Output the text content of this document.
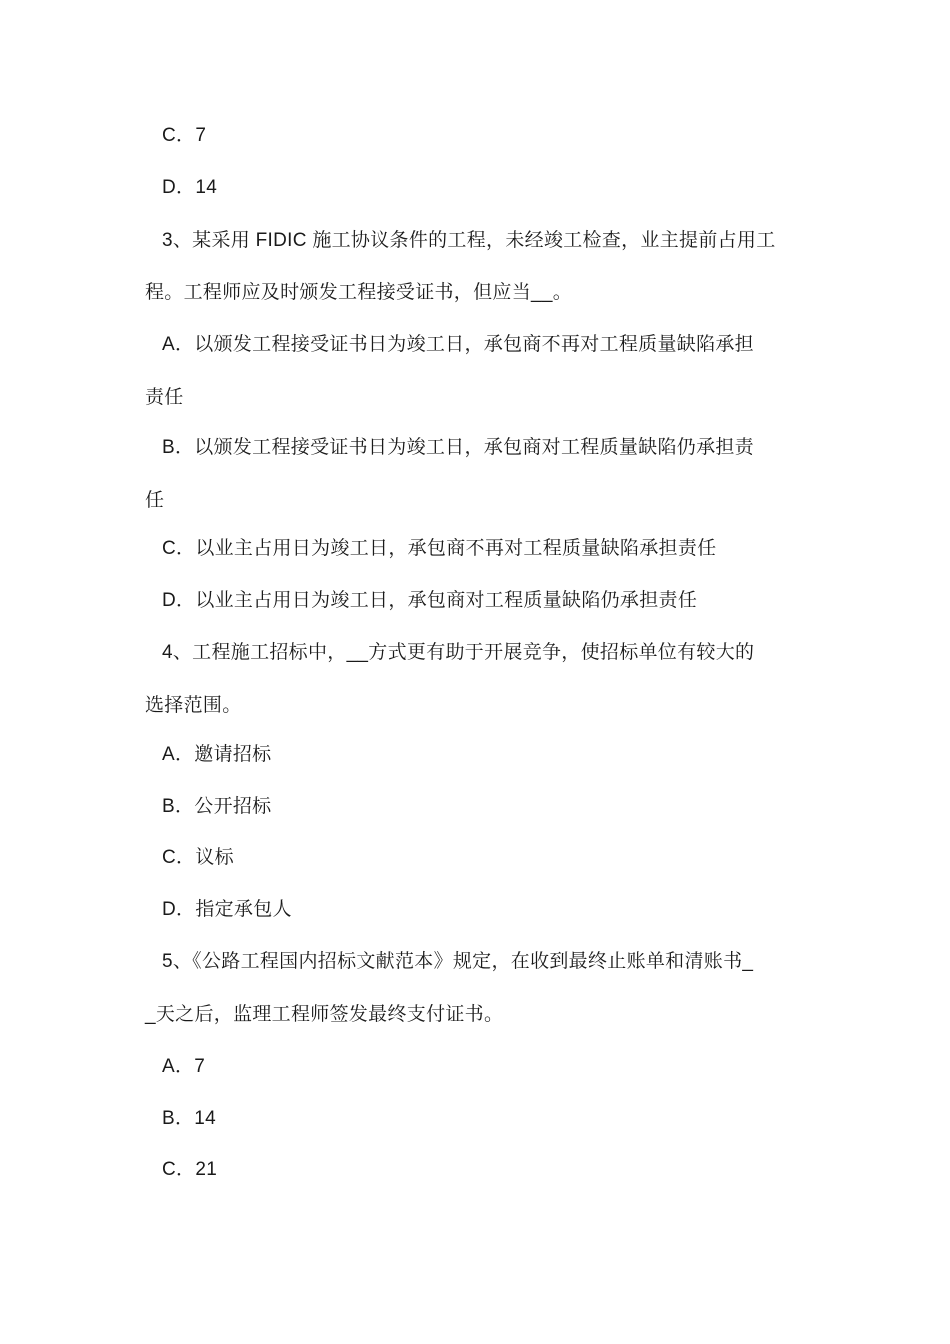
C．7
D．14
3、某采用 FIDIC 施工协议条件的工程，未经竣工检查，业主提前占用工
程。工程师应及时颁发工程接受证书，但应当__。
A．以颁发工程接受证书日为竣工日，承包商不再对工程质量缺陷承担
责任
B．以颁发工程接受证书日为竣工日，承包商对工程质量缺陷仍承担责
任
C．以业主占用日为竣工日，承包商不再对工程质量缺陷承担责任
D．以业主占用日为竣工日，承包商对工程质量缺陷仍承担责任
4、工程施工招标中，__方式更有助于开展竞争，使招标单位有较大的
选择范围。
A．邀请招标
B．公开招标
C．议标
D．指定承包人
5、《公路工程国内招标文献范本》规定，在收到最终止账单和清账书_
_天之后，监理工程师签发最终支付证书。
A．7
B．14
C．21
